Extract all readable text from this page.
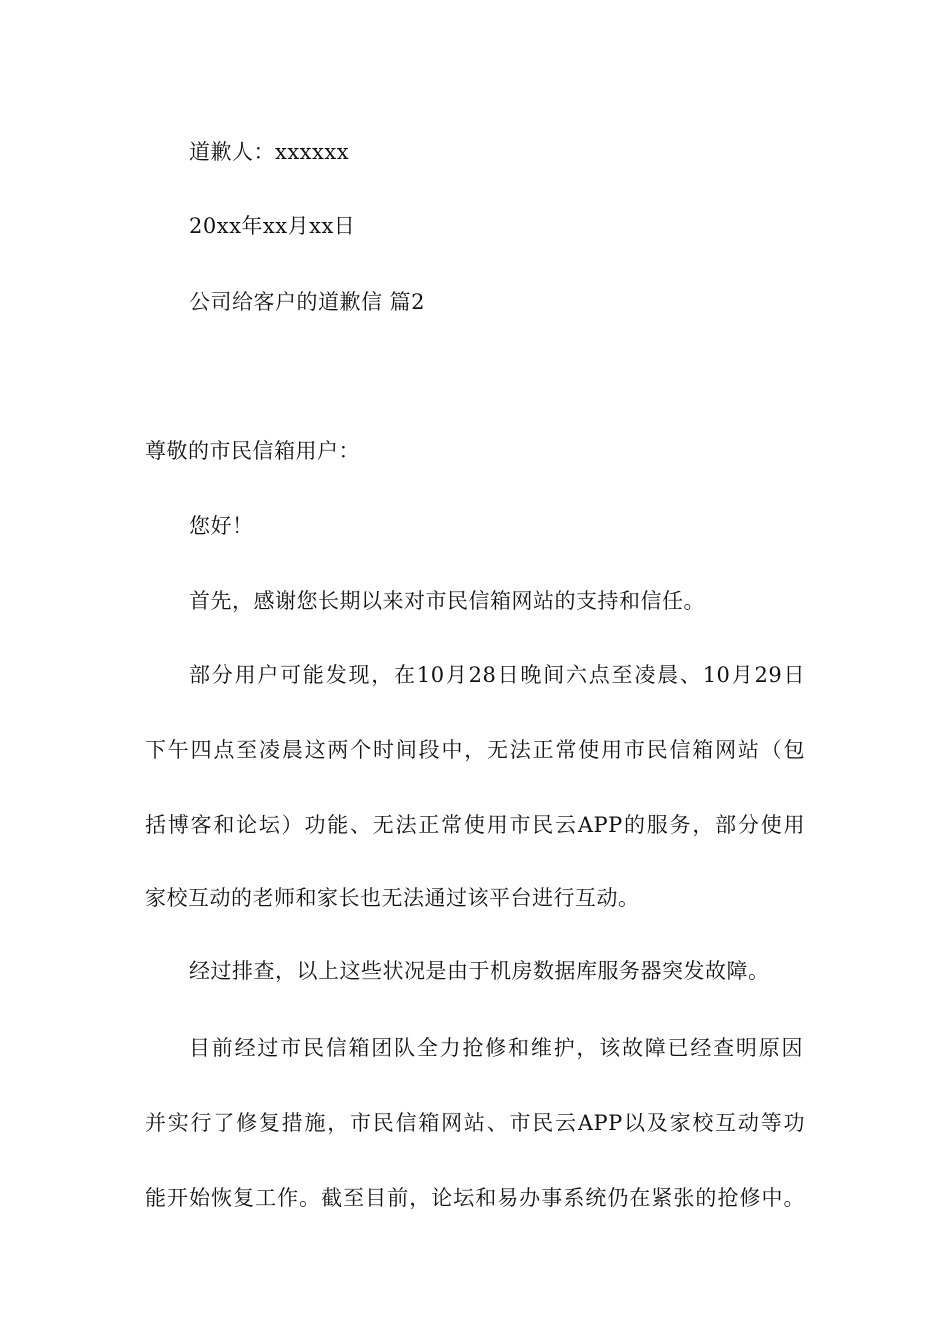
道歉人：xxxxxx
20xx年xx月xx日
公司给客户的道歉信 篇2
尊敬的市民信箱用户：
您好！
首先，感谢您长期以来对市民信箱网站的支持和信任。
部分用户可能发现，在10月28日晚间六点至凌晨、10月29日
下午四点至凌晨这两个时间段中，无法正常使用市民信箱网站（包
括博客和论坛）功能、无法正常使用市民云APP的服务，部分使用
家校互动的老师和家长也无法通过该平台进行互动。
经过排查，以上这些状况是由于机房数据库服务器突发故障。
目前经过市民信箱团队全力抢修和维护，该故障已经查明原因
并实行了修复措施，市民信箱网站、市民云APP以及家校互动等功
能开始恢复工作。截至目前，论坛和易办事系统仍在紧张的抢修中。
